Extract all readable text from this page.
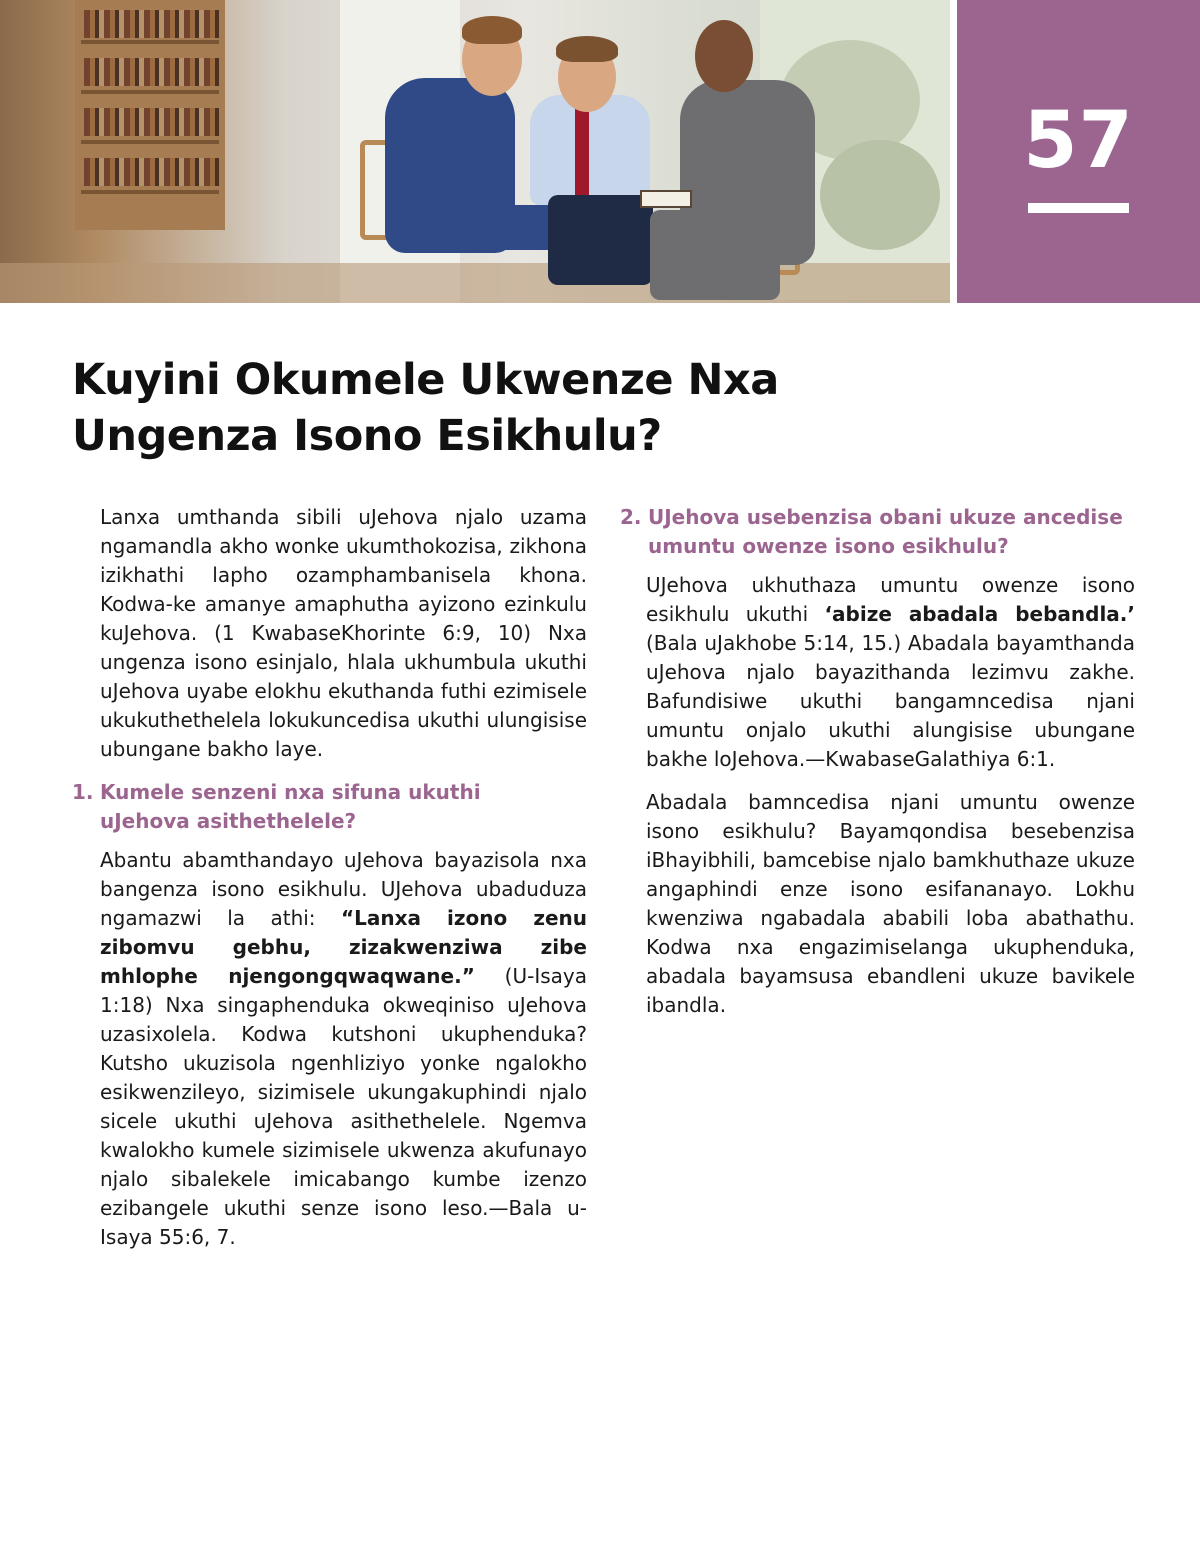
57
Kuyini Okumele Ukwenze Nxa
Ungenza Isono Esikhulu?

Lanxa umthanda sibili uJehova njalo uzama ngamandla akho wonke ukumthokozisa, zikhona izikhathi lapho ozamphambanisela khona. Kodwa-ke amanye amaphutha ayizono ezinkulu kuJehova. (1 KwabaseKhorinte 6:9, 10) Nxa ungenza isono esinjalo, hlala ukhumbula ukuthi uJehova uyabe elokhu ekuthanda futhi ezimisele ukukuthethelela lokukuncedisa ukuthi ulungisise ubungane bakho laye.

1. Kumele senzeni nxa sifuna ukuthi
uJehova asithethelele?

Abantu abamthandayo uJehova bayazisola nxa bangenza isono esikhulu. UJehova ubaduduza ngamazwi la athi: “Lanxa izono zenu zibomvu gebhu, zizakwenziwa zibe mhlophe njengongqwaqwane.” (U-Isaya 1:18) Nxa singaphenduka okweqiniso uJehova uzasixolela. Kodwa kutshoni ukuphenduka? Kutsho ukuzisola ngenhliziyo yonke ngalokho esikwenzileyo, sizimisele ukungakuphindi njalo sicele ukuthi uJehova asithethelele. Ngemva kwalokho kumele sizimisele ukwenza akufunayo njalo sibalekele imicabango kumbe izenzo ezibangele ukuthi senze isono leso.—Bala u-Isaya 55:6, 7.

2. UJehova usebenzisa obani ukuze ancedise
umuntu owenze isono esikhulu?

UJehova ukhuthaza umuntu owenze isono esikhulu ukuthi ‘abize abadala bebandla.’ (Bala uJakhobe 5:14, 15.) Abadala bayamthanda uJehova njalo bayazithanda lezimvu zakhe. Bafundisiwe ukuthi bangamncedisa njani umuntu onjalo ukuthi alungisise ubungane bakhe loJehova.—KwabaseGalathiya 6:1.

Abadala bamncedisa njani umuntu owenze isono esikhulu? Bayamqondisa besebenzisa iBhayibhili, bamcebise njalo bamkhuthaze ukuze angaphindi enze isono esifananayo. Lokhu kwenziwa ngabadala ababili loba abathathu. Kodwa nxa engazimiselanga ukuphenduka, abadala bayamsusa ebandleni ukuze bavikele ibandla.
